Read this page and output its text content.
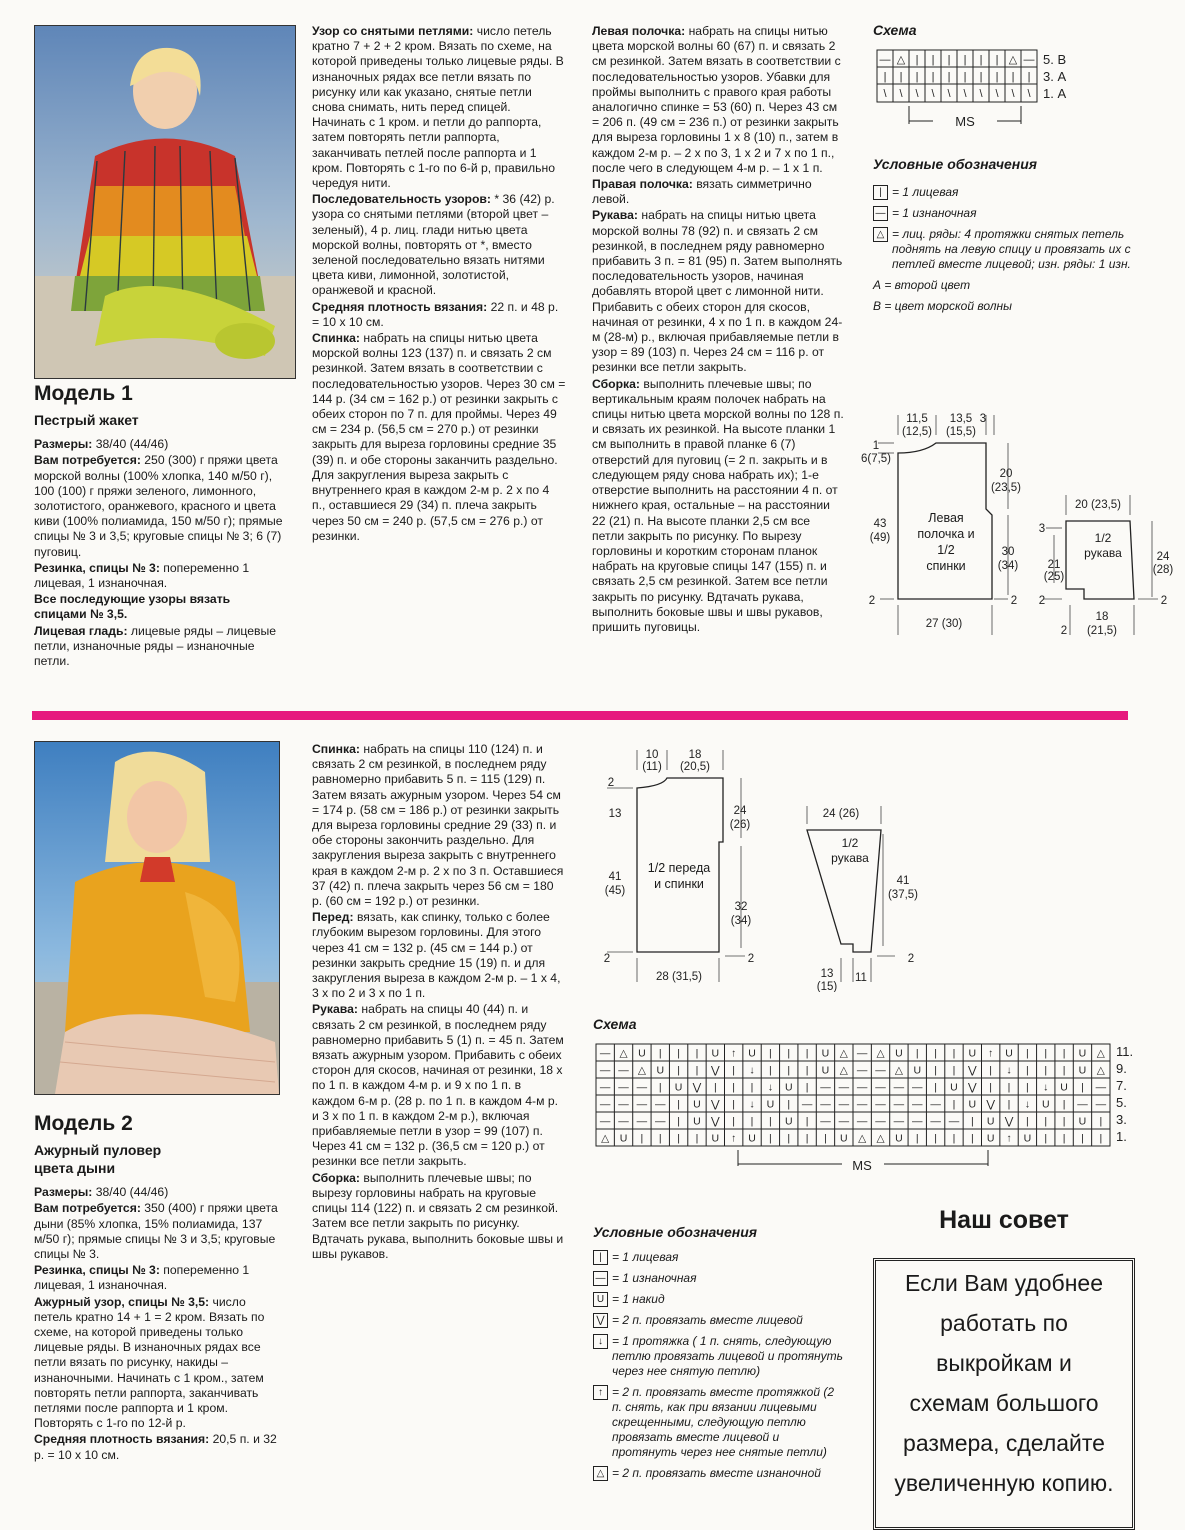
Модель 1
Пестрый жакет

Размеры: 38/40 (44/46)

Вам потребуется: 250 (300) г пряжи цвета морской волны (100% хлопка, 140 м/50 г), 100 (100) г пряжи зеленого, лимонного, золотистого, оранжевого, красного и цвета киви (100% полиамида, 150 м/50 г); прямые спицы № 3 и 3,5; круговые спицы № 3; 6 (7) пуговиц.

Резинка, спицы № 3: попеременно 1 лицевая, 1 изнаночная.

Все последующие узоры вязать спицами № 3,5.

Лицевая гладь: лицевые ряды – лицевые петли, изнаночные ряды – изнаночные петли.

Узор со снятыми петлями: число петель кратно 7 + 2 + 2 кром. Вязать по схеме, на которой приведены только лицевые ряды. В изнаночных рядах все петли вязать по рисунку или как указано, снятые петли снова снимать, нить перед спицей. Начинать с 1 кром. и петли до раппорта, затем повторять петли раппорта, заканчивать петлей после раппорта и 1 кром. Повторять с 1-го по 6-й р, правильно чередуя нити.

Последовательность узоров: * 36 (42) р. узора со снятыми петлями (второй цвет – зеленый), 4 р. лиц. глади нитью цвета морской волны, повторять от *, вместо зеленой последовательно вязать нитями цвета киви, лимонной, золотистой, оранжевой и красной.

Средняя плотность вязания: 22 п. и 48 р. = 10 х 10 см.

Спинка: набрать на спицы нитью цвета морской волны 123 (137) п. и связать 2 см резинкой. Затем вязать в соответствии с последовательностью узоров. Через 30 см = 144 р. (34 см = 162 р.) от резинки закрыть с обеих сторон по 7 п. для проймы. Через 49 см = 234 р. (56,5 см = 270 р.) от резинки закрыть для выреза горловины средние 35 (39) п. и обе стороны заканчить раздельно. Для закругления выреза закрыть с внутреннего края в каждом 2-м р. 2 х по 4 п., оставшиеся 29 (34) п. плеча закрыть через 50 см = 240 р. (57,5 см = 276 р.) от резинки.

Левая полочка: набрать на спицы нитью цвета морской волны 60 (67) п. и связать 2 см резинкой. Затем вязать в соответствии с последовательностью узоров. Убавки для проймы выполнить с правого края работы аналогично спинке = 53 (60) п. Через 43 см = 206 п. (49 см = 236 п.) от резинки закрыть для выреза горловины 1 х 8 (10) п., затем в каждом 2-м р. – 2 х по 3, 1 х 2 и 7 х по 1 п., после чего в следующем 4-м р. – 1 х 1 п.

Правая полочка: вязать симметрично левой.

Рукава: набрать на спицы нитью цвета морской волны 78 (92) п. и связать 2 см резинкой, в последнем ряду равномерно прибавить 3 п. = 81 (95) п. Затем выполнять последовательность узоров, начиная добавлять второй цвет с лимонной нити. Прибавить с обеих сторон для скосов, начиная от резинки, 4 х по 1 п. в каждом 24-м (28-м) р., включая прибавляемые петли в узор = 89 (103) п. Через 24 см = 116 р. от резинки все петли закрыть.

Сборка: выполнить плечевые швы; по вертикальным краям полочек набрать на спицы нитью цвета морской волны по 128 п. и связать их резинкой. На высоте планки 1 см выполнить в правой планке 6 (7) отверстий для пуговиц (= 2 п. закрыть и в следующем ряду снова набрать их); 1-е отверстие выполнить на расстоянии 4 п. от нижнего края, остальные – на расстоянии 22 (21) п. На высоте планки 2,5 см все петли закрыть по рисунку. По вырезу горловины и коротким сторонам планок набрать на круговые спицы 147 (155) п. и связать 2,5 см резинкой. Затем все петли закрыть по рисунку. Вдтачать рукава, выполнить боковые швы и швы рукавов, пришить пуговицы.

Схема
— △ | | | | | | △ —
| | | | | | | | | |
\ \ \ \ \ \ \ \ \ \
5. В
3. А
1. А
MS
Условные обозначения
| = 1 лицевая
— = 1 изнаночная
△ = лиц. ряды: 4 протяжки снятых петель поднять на левую спицу и провязать их с петлей вместе лицевой; изн. ряды: 1 изн.
А = второй цвет
В = цвет морской волны
11,5
(12,5)
13,5
(15,5)
3
1
6(7,5)
20
(23,5)
43
(49)
30
(34)
2	2
27 (30)
Левая полочка и 1/2 спинки
20 (23,5)
3
21
(25)
24
(28)
2	2
18
(21,5)
2
1/2 рукава
Модель 2
Ажурный пуловер
цвета дыни

Размеры: 38/40 (44/46)

Вам потребуется: 350 (400) г пряжи цвета дыни (85% хлопка, 15% полиамида, 137 м/50 г); прямые спицы № 3 и 3,5; круговые спицы № 3.

Резинка, спицы № 3: попеременно 1 лицевая, 1 изнаночная.

Ажурный узор, спицы № 3,5: число петель кратно 14 + 1 = 2 кром. Вязать по схеме, на которой приведены только лицевые ряды. В изнаночных рядах все петли вязать по рисунку, накиды – изнаночными. Начинать с 1 кром., затем повторять петли раппорта, заканчивать петлями после раппорта и 1 кром. Повторять с 1-го по 12-й р.

Средняя плотность вязания: 20,5 п. и 32 р. = 10 х 10 см.

Спинка: набрать на спицы 110 (124) п. и связать 2 см резинкой, в последнем ряду равномерно прибавить 5 п. = 115 (129) п. Затем вязать ажурным узором. Через 54 см = 174 р. (58 см = 186 р.) от резинки закрыть для выреза горловины средние 29 (33) п. и обе стороны закончить раздельно. Для закругления выреза закрыть с внутреннего края в каждом 2-м р. 2 х по 3 п. Оставшиеся 37 (42) п. плеча закрыть через 56 см = 180 р. (60 см = 192 р.) от резинки.

Перед: вязать, как спинку, только с более глубоким вырезом горловины. Для этого через 41 см = 132 р. (45 см = 144 р.) от резинки закрыть средние 15 (19) п. и для закругления выреза в каждом 2-м р. – 1 х 4, 3 х по 2 и 3 х по 1 п.

Рукава: набрать на спицы 40 (44) п. и связать 2 см резинкой, в последнем ряду равномерно прибавить 5 (1) п. = 45 п. Затем вязать ажурным узором. Прибавить с обеих сторон для скосов, начиная от резинки, 18 х по 1 п. в каждом 4-м р. и 9 х по 1 п. в каждом 6-м р. (28 р. по 1 п. в каждом 4-м р. и 3 х по 1 п. в каждом 2-м р.), включая прибавляемые петли в узор = 99 (107) п. Через 41 см = 132 р. (36,5 см = 120 р.) от резинки все петли закрыть.

Сборка: выполнить плечевые швы; по вырезу горловины набрать на круговые спицы 114 (122) п. и связать 2 см резинкой. Затем все петли закрыть по рисунку. Вдтачать рукава, выполнить боковые швы и швы рукавов.

10
(11)
18
(20,5)
2
13	24
(26)
41
(45)
32
(34)
2	2
28 (31,5)
1/2 переда и спинки
24 (26)
41
(37,5)
2
13
(15)
11
1/2 рукава
Схема
— △ U | | | U ↑ U | | | U △ — △ U | | | U ↑ U | | | U △
— — △ U | | ⋁ | ↓ | | | U △ — — △ U | | ⋁ | ↓ | | | U △
— — — | U ⋁ | | | ↓ U | — — — — — — | U ⋁ | | | ↓ U | —
— — — — | U ⋁ | ↓ U | — — — — — — — — | U ⋁ | ↓ U | — —
— — — — | U ⋁ | | | U | — — — — — — — — | U ⋁ | | | U |
△ U | | | | U ↑ U | | | | U △ △ U | | | | U ↑ U | | | |
11.
9.
7.
5.
3.
1.
MS
Условные обозначения
| = 1 лицевая
— = 1 изнаночная
U = 1 накид
⋁ = 2 п. провязать вместе лицевой
↓ = 1 протяжка ( 1 п. снять, следующую петлю провязать лицевой и протянуть через нее снятую петлю)
↑ = 2 п. провязать вместе протяжкой (2 п. снять, как при вязании лицевыми скрещенными, следующую петлю провязать вместе лицевой и протянуть через нее снятые петли)
△ = 2 п. провязать вместе изнаночной
Наш совет
Если Вам удобнее
работать по
выкройкам и
схемам большого
размера, сделайте
увеличенную копию.
